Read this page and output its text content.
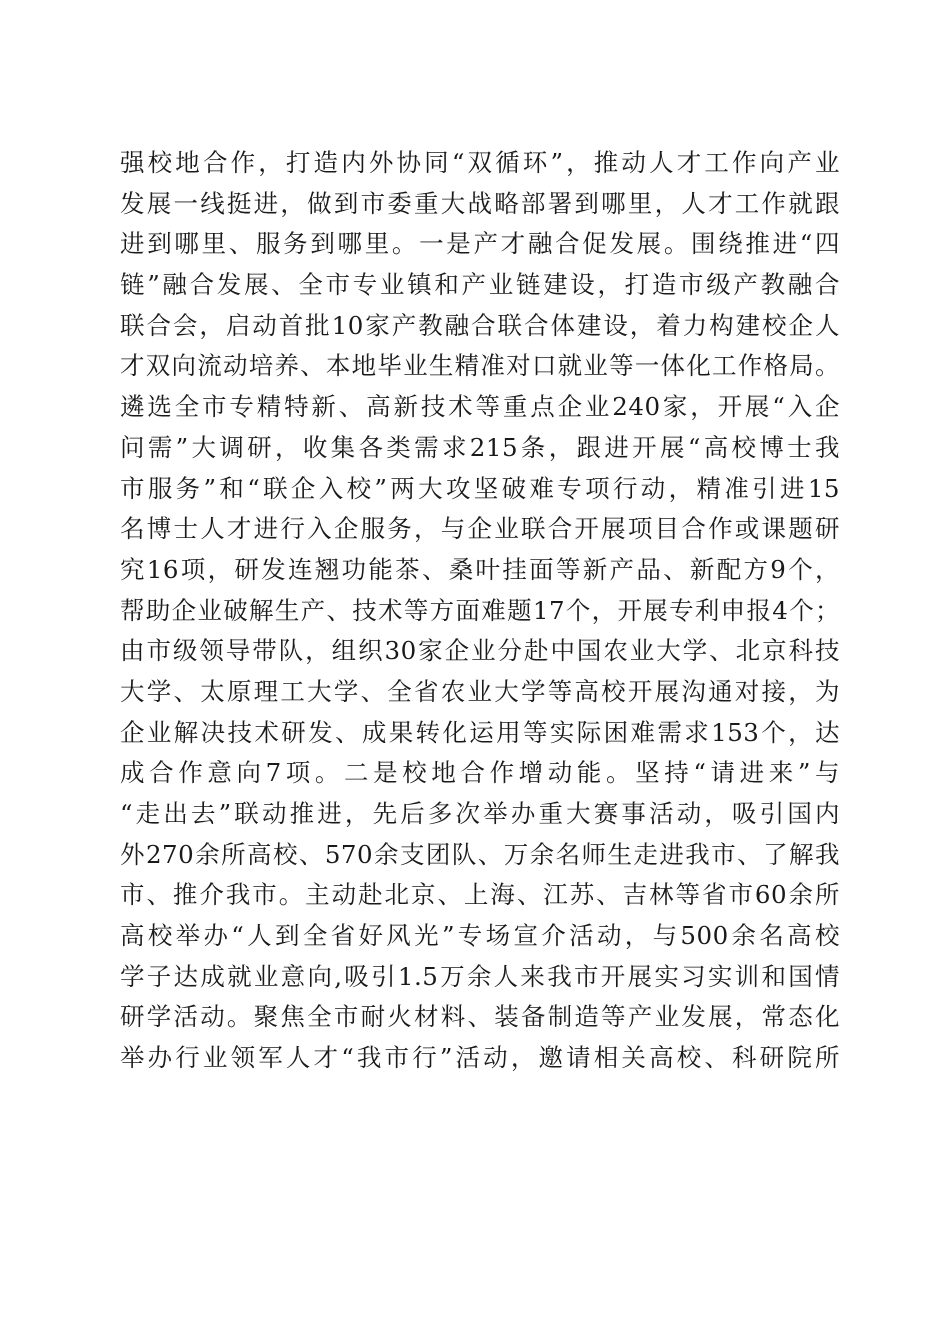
强校地合作，打造内外协同“双循环”，推动人才工作向产业
发展一线挺进，做到市委重大战略部署到哪里，人才工作就跟
进到哪里、服务到哪里。一是产才融合促发展。围绕推进“四
链”融合发展、全市专业镇和产业链建设，打造市级产教融合
联合会，启动首批10家产教融合联合体建设，着力构建校企人
才双向流动培养、本地毕业生精准对口就业等一体化工作格局。
遴选全市专精特新、高新技术等重点企业240家，开展“入企
问需”大调研，收集各类需求215条，跟进开展“高校博士我
市服务”和“联企入校”两大攻坚破难专项行动，精准引进15
名博士人才进行入企服务，与企业联合开展项目合作或课题研
究16项，研发连翘功能茶、桑叶挂面等新产品、新配方9个，
帮助企业破解生产、技术等方面难题17个，开展专利申报4个；
由市级领导带队，组织30家企业分赴中国农业大学、北京科技
大学、太原理工大学、全省农业大学等高校开展沟通对接，为
企业解决技术研发、成果转化运用等实际困难需求153个，达
成合作意向7项。二是校地合作增动能。坚持“请进来”与
“走出去”联动推进，先后多次举办重大赛事活动，吸引国内
外270余所高校、570余支团队、万余名师生走进我市、了解我
市、推介我市。主动赴北京、上海、江苏、吉林等省市60余所
高校举办“人到全省好风光”专场宣介活动，与500余名高校
学子达成就业意向,吸引1.5万余人来我市开展实习实训和国情
研学活动。聚焦全市耐火材料、装备制造等产业发展，常态化
举办行业领军人才“我市行”活动，邀请相关高校、科研院所
